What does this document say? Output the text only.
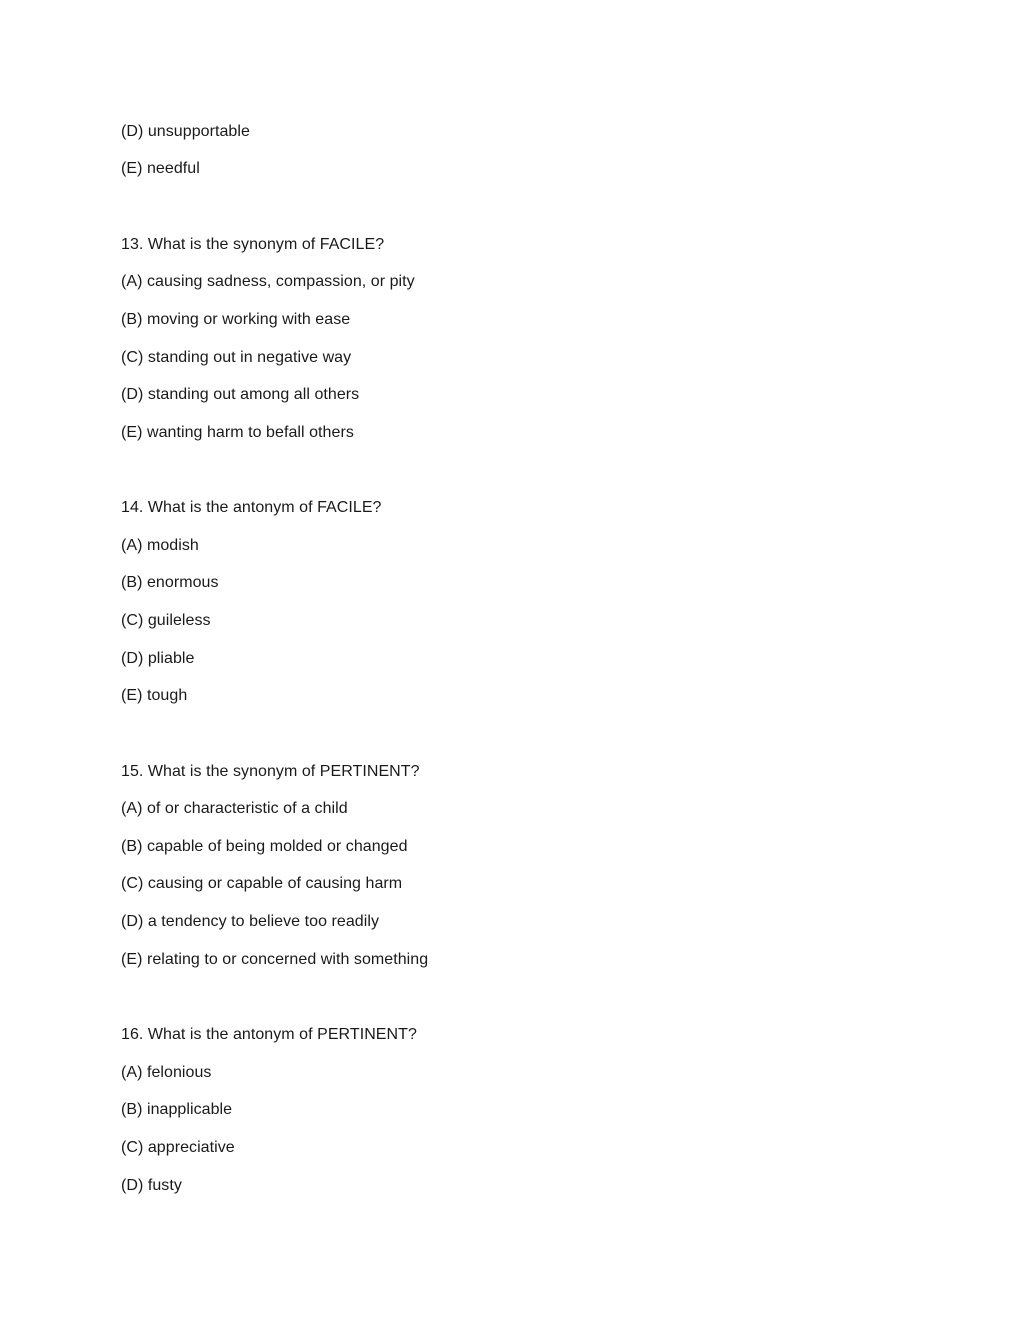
(D) unsupportable
(E) needful
13. What is the synonym of FACILE?
(A) causing sadness, compassion, or pity
(B) moving or working with ease
(C) standing out in negative way
(D) standing out among all others
(E) wanting harm to befall others
14. What is the antonym of FACILE?
(A) modish
(B) enormous
(C) guileless
(D) pliable
(E) tough
15. What is the synonym of PERTINENT?
(A) of or characteristic of a child
(B) capable of being molded or changed
(C) causing or capable of causing harm
(D) a tendency to believe too readily
(E) relating to or concerned with something
16. What is the antonym of PERTINENT?
(A) felonious
(B) inapplicable
(C) appreciative
(D) fusty
